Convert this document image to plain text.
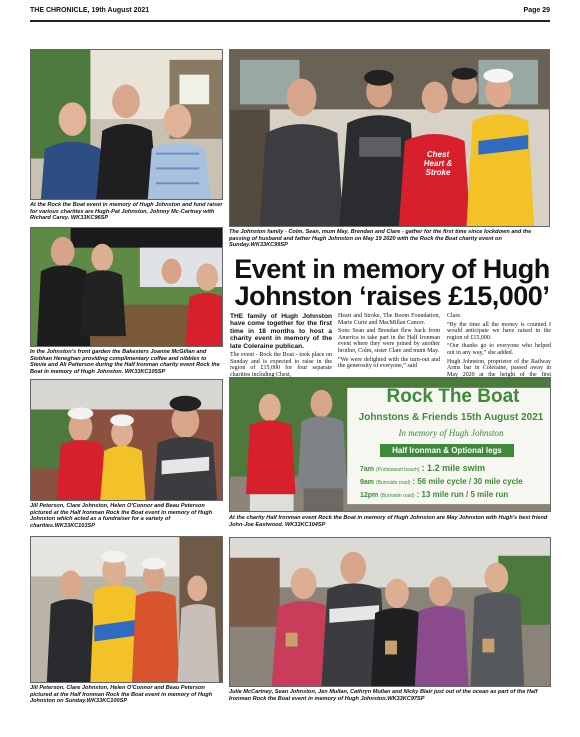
THE CHRONICLE, 19th August 2021	Page 29
At the Rock the Boat event in memory of Hugh Johnston and fund raiser for various charities are Hugh-Pat Johnston, Johnny Mc-Cartney with Richard Carey. WK33KC96SP
Chest
Heart &
Stroke
The Johnston family - Colm, Sean, mum May, Brendan and Clare - gather for the first time since lockdown and the passing of husband and father Hugh Johnston on May 19 2020 with the Rock the Boat charity event on Sunday.WK33KC99SP
In the Johnston's front garden the Bakesters Joanne McGillan and Siobhan Heneghan providing complimentary coffee and nibbles to Stevie and Ali Patterson during the Half Ironman charity event Rock the Boat in memory of Hugh Johnston. WK33KC105SP
Event in memory of Hugh Johnston ‘raises £15,000’

THE family of Hugh Johnston have come together for the first time in 18 months to host a charity event in memory of the late Coleraine publican.

The event - Rock the Boat - took place on Sunday and is expected to raise in the region of £15,000 for four separate charities including Chest,

Heart and Stroke, The Boom Foundation, Marie Curie and MacMillan Cancer.

Sons Sean and Brendan flew back from America to take part in the Half Ironman event where they were joined by another brother, Colm, sister Clare and mum May.

“We were delighted with the turn-out and the generosity of everyone,” said

Clare.

“By the time all the money is counted I would anticipate we have raised in the region of £15,000.

“Our thanks go to everyone who helped out in any way,” she added.

Hugh Johnston, proprietor of the Railway Arms bar in Coleraine, passed away in May 2020 at the height of the first

Jill Peterson, Clare Johnston, Helen O'Connor and Beau Peterson pictured at the Half Ironman Rock the Boat event in memory of Hugh Johnston which acted as a fundraiser for a variety of charities.WK33KC103SP
Rock The Boat
Johnstons & Friends 15th August 2021
In memory of Hugh Johnston
Half Ironman & Optional legs
7am (Portstewart beach) : 1.2 mile swim
9am (Burnside road) : 56 mile cycle / 30 mile cycle
12pm (Burnside road) : 13 mile run / 5 mile run
At the charity Half Ironman event Rock the Boat in memory of Hugh Johnston are May Johnston with Hugh's best friend John-Joe Eastwood. WK33KC104SP
Jill Peterson, Clare Johnston, Helen O'Connor and Beau Peterson pictured at the Half Ironman Rock the Boat event in memory of Hugh Johnston on Sunday.WK33KC100SP
Julie McCartney, Sean Johnston, Jen Mullan, Cathryn Mullan and Nicky Blair just out of the ocean as part of the Half Ironman Rock the Boat event in memory of Hugh Johnston.WK33KC97SP
